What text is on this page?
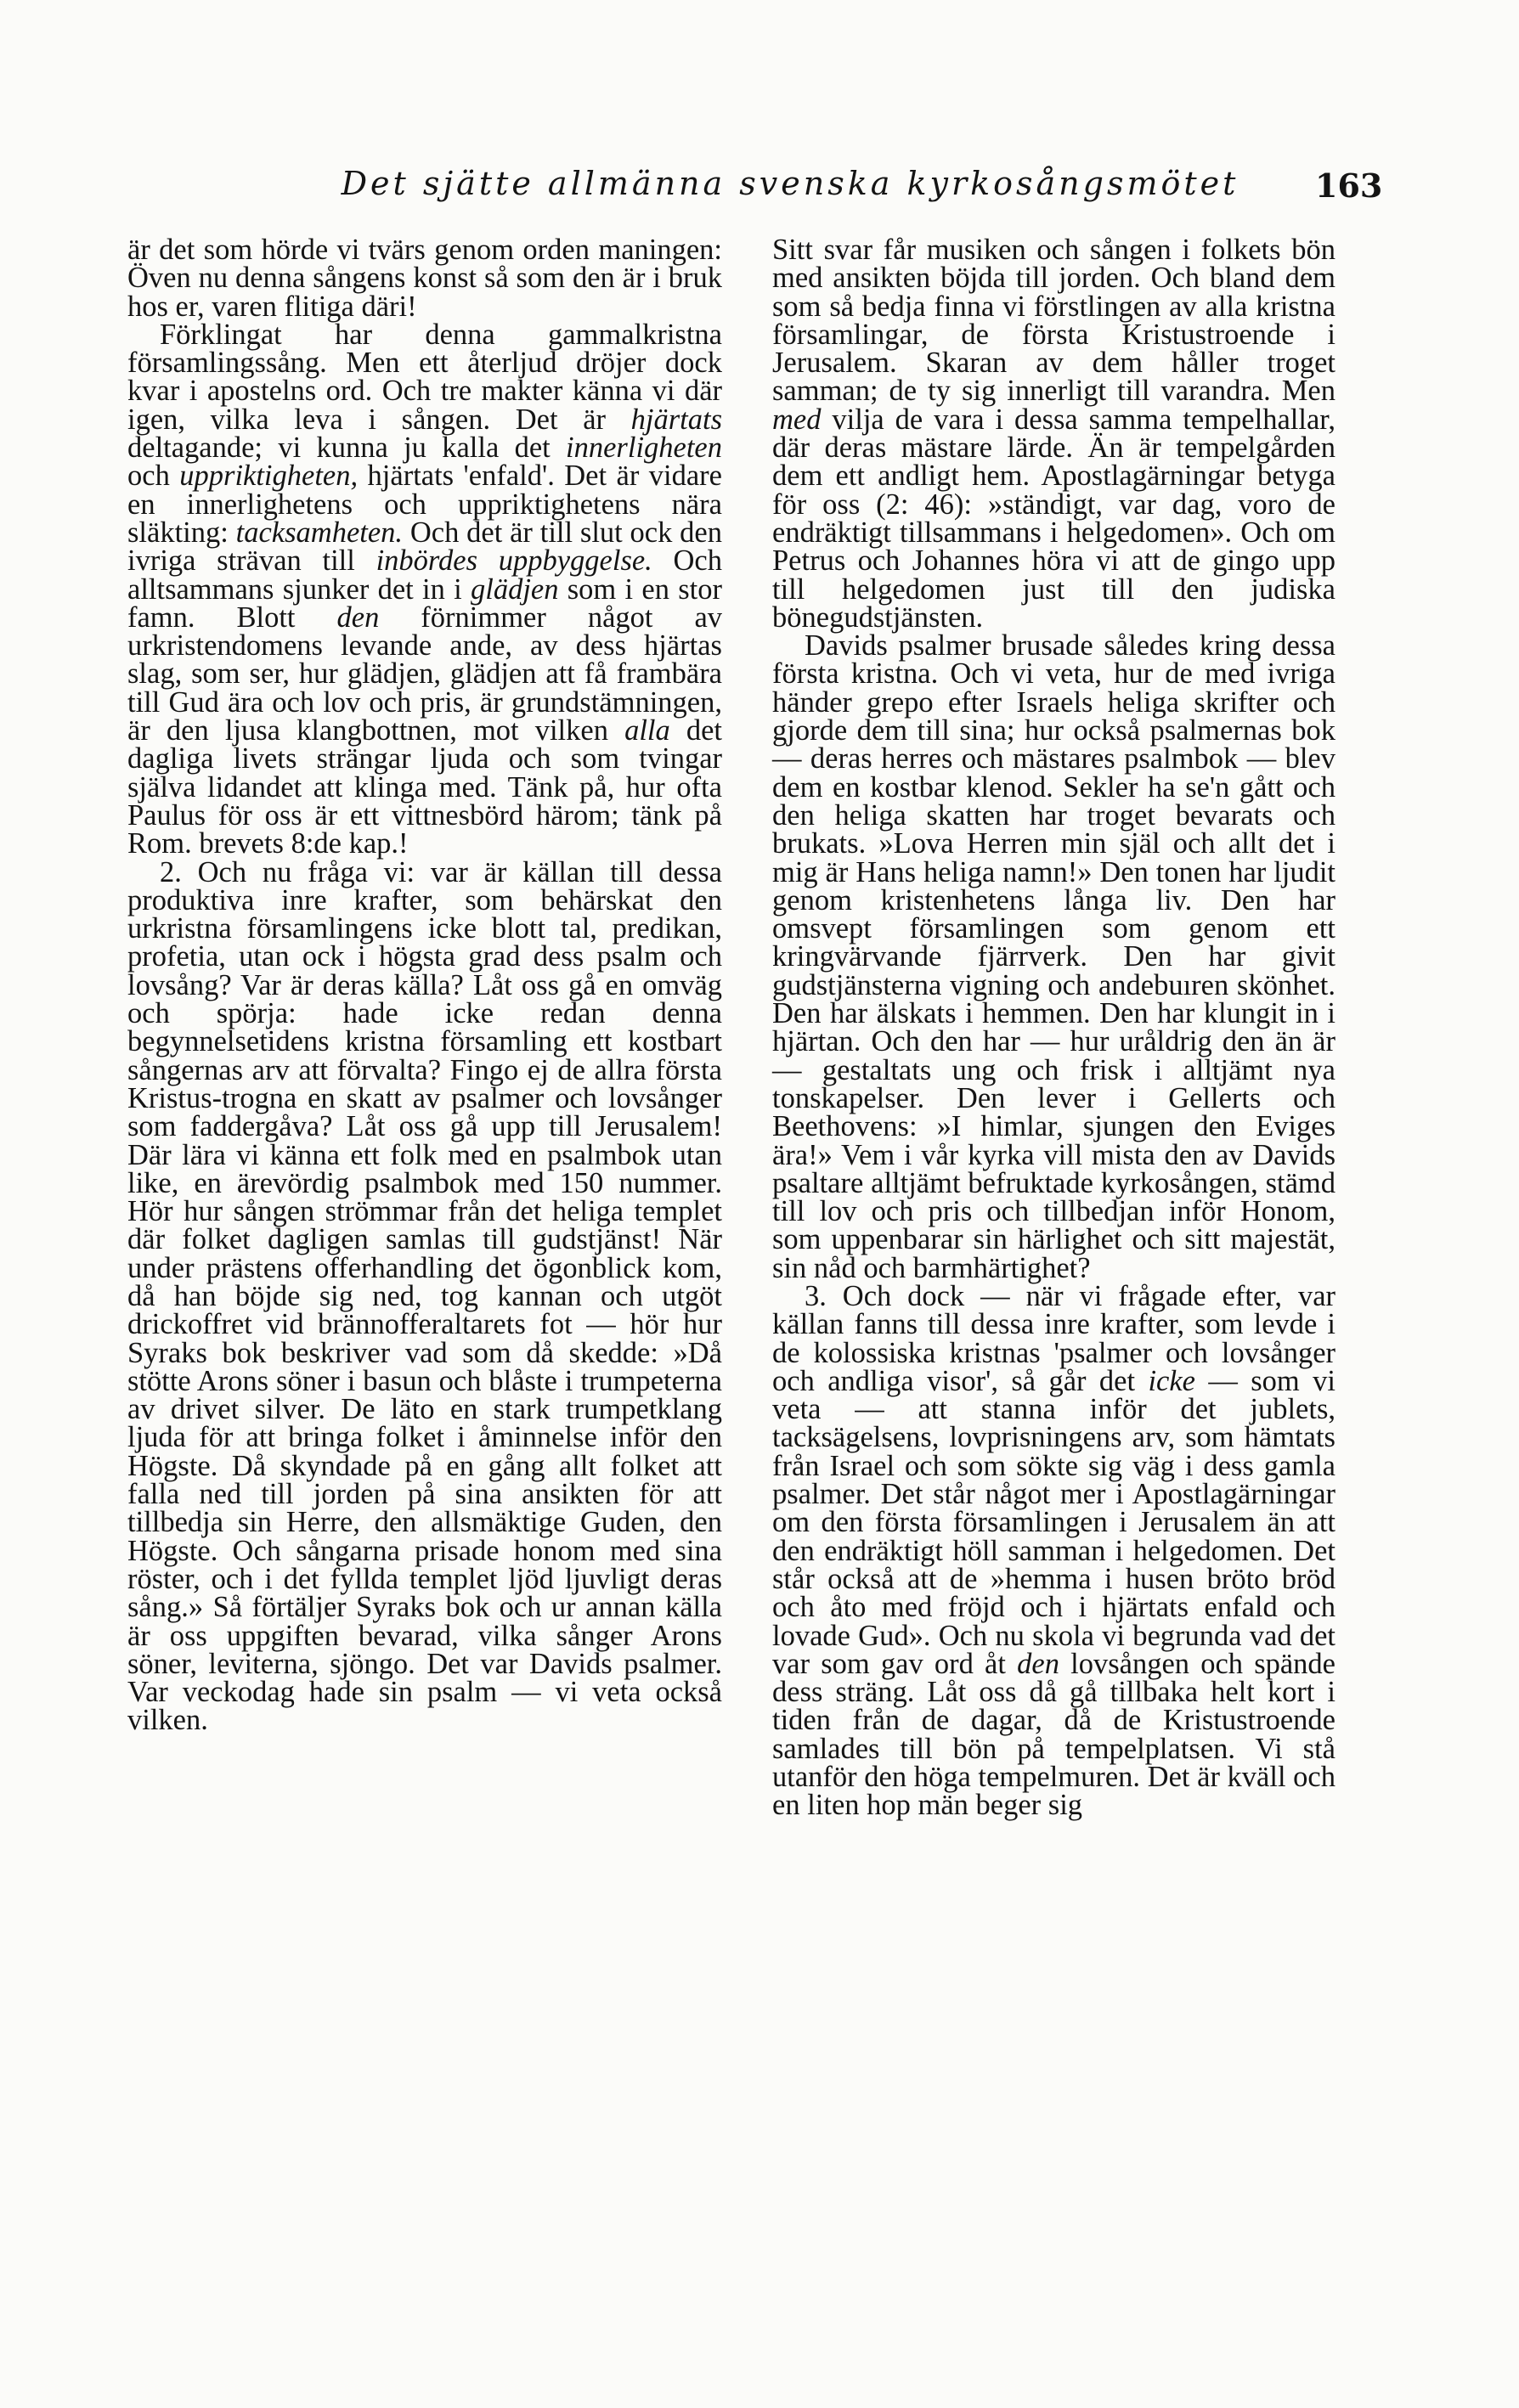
Det sjätte allmänna svenska kyrkosångsmötet	163

är det som hörde vi tvärs genom orden maningen: Öven nu denna sångens konst så som den är i bruk hos er, varen flitiga däri!

Förklingat har denna gammalkristna församlingssång. Men ett återljud dröjer dock kvar i apostelns ord. Och tre makter känna vi där igen, vilka leva i sången. Det är hjärtats deltagande; vi kunna ju kalla det innerligheten och uppriktigheten, hjärtats 'enfald'. Det är vidare en innerlighetens och uppriktighetens nära släkting: tacksamheten. Och det är till slut ock den ivriga strävan till inbördes uppbyggelse. Och alltsammans sjunker det in i glädjen som i en stor famn. Blott den förnimmer något av urkristendomens levande ande, av dess hjärtas slag, som ser, hur glädjen, glädjen att få frambära till Gud ära och lov och pris, är grundstämningen, är den ljusa klangbottnen, mot vilken alla det dagliga livets strängar ljuda och som tvingar själva lidandet att klinga med. Tänk på, hur ofta Paulus för oss är ett vittnesbörd härom; tänk på Rom. brevets 8:de kap.!

2. Och nu fråga vi: var är källan till dessa produktiva inre krafter, som behärskat den urkristna församlingens icke blott tal, predikan, profetia, utan ock i högsta grad dess psalm och lovsång? Var är deras källa? Låt oss gå en omväg och spörja: hade icke redan denna begynnelsetidens kristna församling ett kostbart sångernas arv att förvalta? Fingo ej de allra första Kristus-trogna en skatt av psalmer och lovsånger som faddergåva? Låt oss gå upp till Jerusalem! Där lära vi känna ett folk med en psalmbok utan like, en ärevördig psalmbok med 150 nummer. Hör hur sången strömmar från det heliga templet där folket dagligen samlas till gudstjänst! När under prästens offerhandling det ögonblick kom, då han böjde sig ned, tog kannan och utgöt drickoffret vid brännofferaltarets fot — hör hur Syraks bok beskriver vad som då skedde: »Då stötte Arons söner i basun och blåste i trumpeterna av drivet silver. De läto en stark trumpetklang ljuda för att bringa folket i åminnelse inför den Högste. Då skyndade på en gång allt folket att falla ned till jorden på sina ansikten för att tillbedja sin Herre, den allsmäktige Guden, den Högste. Och sångarna prisade honom med sina röster, och i det fyllda templet ljöd ljuvligt deras sång.» Så förtäljer Syraks bok och ur annan källa är oss uppgiften bevarad, vilka sånger Arons söner, leviterna, sjöngo. Det var Davids psalmer. Var veckodag hade sin psalm — vi veta också vilken.

Sitt svar får musiken och sången i folkets bön med ansikten böjda till jorden. Och bland dem som så bedja finna vi förstlingen av alla kristna församlingar, de första Kristustroende i Jerusalem. Skaran av dem håller troget samman; de ty sig innerligt till varandra. Men med vilja de vara i dessa samma tempelhallar, där deras mästare lärde. Än är tempelgården dem ett andligt hem. Apostlagärningar betyga för oss (2: 46): »ständigt, var dag, voro de endräktigt tillsammans i helgedomen». Och om Petrus och Johannes höra vi att de gingo upp till helgedomen just till den judiska bönegudstjänsten.

Davids psalmer brusade således kring dessa första kristna. Och vi veta, hur de med ivriga händer grepo efter Israels heliga skrifter och gjorde dem till sina; hur också psalmernas bok — deras herres och mästares psalmbok — blev dem en kostbar klenod. Sekler ha se'n gått och den heliga skatten har troget bevarats och brukats. »Lova Herren min själ och allt det i mig är Hans heliga namn!» Den tonen har ljudit genom kristenhetens långa liv. Den har omsvept församlingen som genom ett kringvärvande fjärrverk. Den har givit gudstjänsterna vigning och andebuıren skönhet. Den har älskats i hemmen. Den har klungit in i hjärtan. Och den har — hur uråldrig den än är — gestaltats ung och frisk i alltjämt nya tonskapelser. Den lever i Gellerts och Beethovens: »I himlar, sjungen den Eviges ära!» Vem i vår kyrka vill mista den av Davids psaltare alltjämt befruktade kyrkosången, stämd till lov och pris och tillbedjan inför Honom, som uppenbarar sin härlighet och sitt majestät, sin nåd och barmhärtighet?

3. Och dock — när vi frågade efter, var källan fanns till dessa inre krafter, som levde i de kolossiska kristnas 'psalmer och lovsånger och andliga visor', så går det icke — som vi veta — att stanna inför det jublets, tacksägelsens, lovprisningens arv, som hämtats från Israel och som sökte sig väg i dess gamla psalmer. Det står något mer i Apostlagärningar om den första församlingen i Jerusalem än att den endräktigt höll samman i helgedomen. Det står också att de »hemma i husen bröto bröd och åto med fröjd och i hjärtats enfald och lovade Gud». Och nu skola vi begrunda vad det var som gav ord åt den lovsången och spände dess sträng. Låt oss då gå tillbaka helt kort i tiden från de dagar, då de Kristustroende samlades till bön på tempelplatsen. Vi stå utanför den höga tempelmuren. Det är kväll och en liten hop män beger sig
